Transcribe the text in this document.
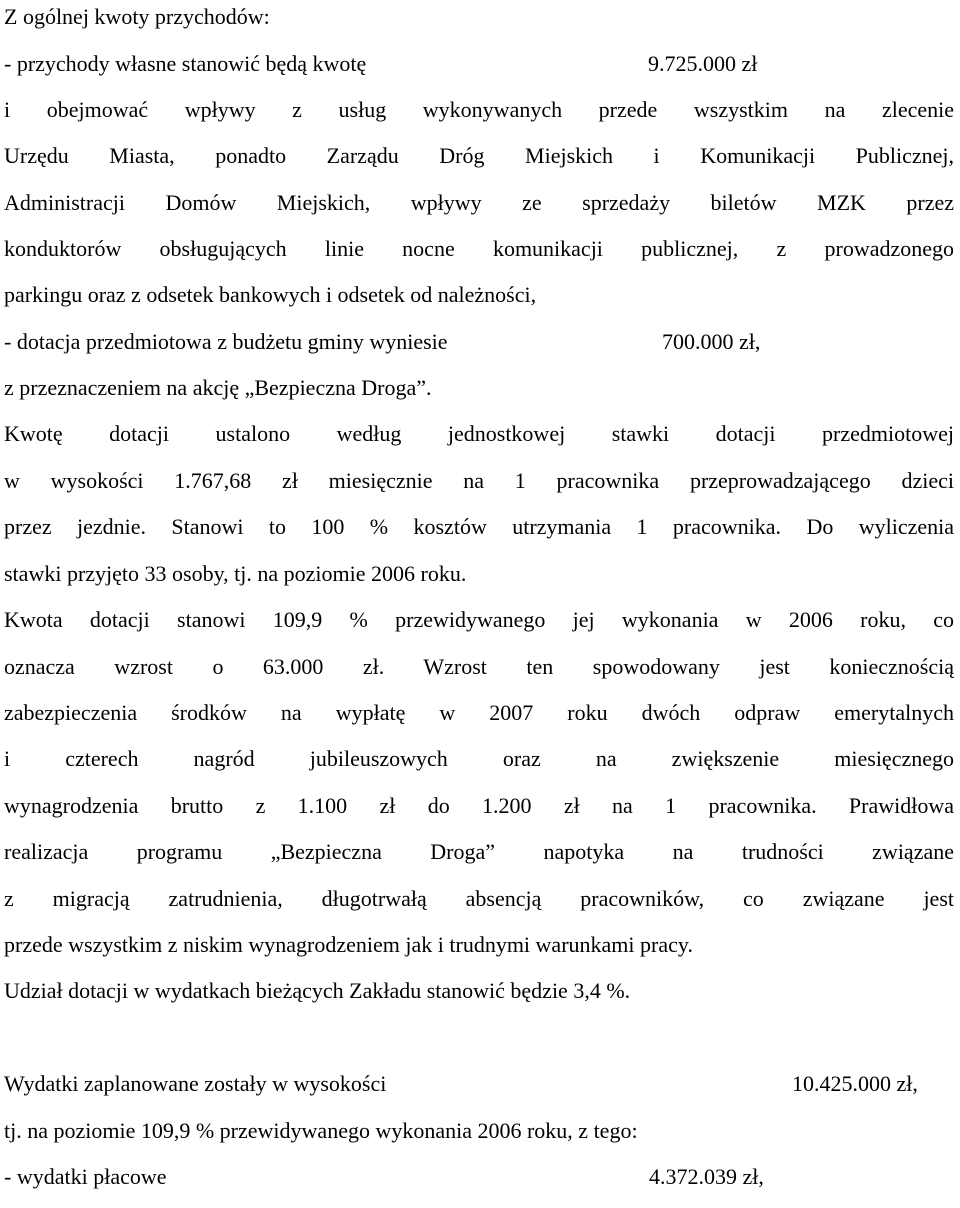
Z ogólnej kwoty przychodów:
- przychody własne stanowić będą kwotę	9.725.000 zł
i obejmować wpływy z usług wykonywanych przede wszystkim na zlecenie
Urzędu Miasta, ponadto Zarządu Dróg Miejskich i Komunikacji Publicznej,
Administracji Domów Miejskich, wpływy ze sprzedaży biletów MZK przez
konduktorów obsługujących linie nocne komunikacji publicznej, z prowadzonego
parkingu oraz z odsetek bankowych i odsetek od należności,
- dotacja przedmiotowa z budżetu gminy wyniesie	700.000 zł,
z przeznaczeniem na akcję „Bezpieczna Droga”.
Kwotę dotacji ustalono według jednostkowej stawki dotacji przedmiotowej
w wysokości 1.767,68 zł miesięcznie na 1 pracownika przeprowadzającego dzieci
przez jezdnie. Stanowi to 100 % kosztów utrzymania 1 pracownika. Do wyliczenia
stawki przyjęto 33 osoby, tj. na poziomie 2006 roku.
Kwota dotacji stanowi 109,9 % przewidywanego jej wykonania w 2006 roku, co
oznacza wzrost o 63.000 zł. Wzrost ten spowodowany jest koniecznością
zabezpieczenia środków na wypłatę w 2007 roku dwóch odpraw emerytalnych
i czterech nagród jubileuszowych oraz na zwiększenie miesięcznego
wynagrodzenia brutto z 1.100 zł do 1.200 zł na 1 pracownika. Prawidłowa
realizacja programu „Bezpieczna Droga” napotyka na trudności związane
z migracją zatrudnienia, długotrwałą absencją pracowników, co związane jest
przede wszystkim z niskim wynagrodzeniem jak i trudnymi warunkami pracy.
Udział dotacji w wydatkach bieżących Zakładu stanowić będzie 3,4 %.
Wydatki zaplanowane zostały w wysokości	10.425.000 zł,
tj. na poziomie 109,9 % przewidywanego wykonania 2006 roku, z tego:
- wydatki płacowe	4.372.039 zł,
